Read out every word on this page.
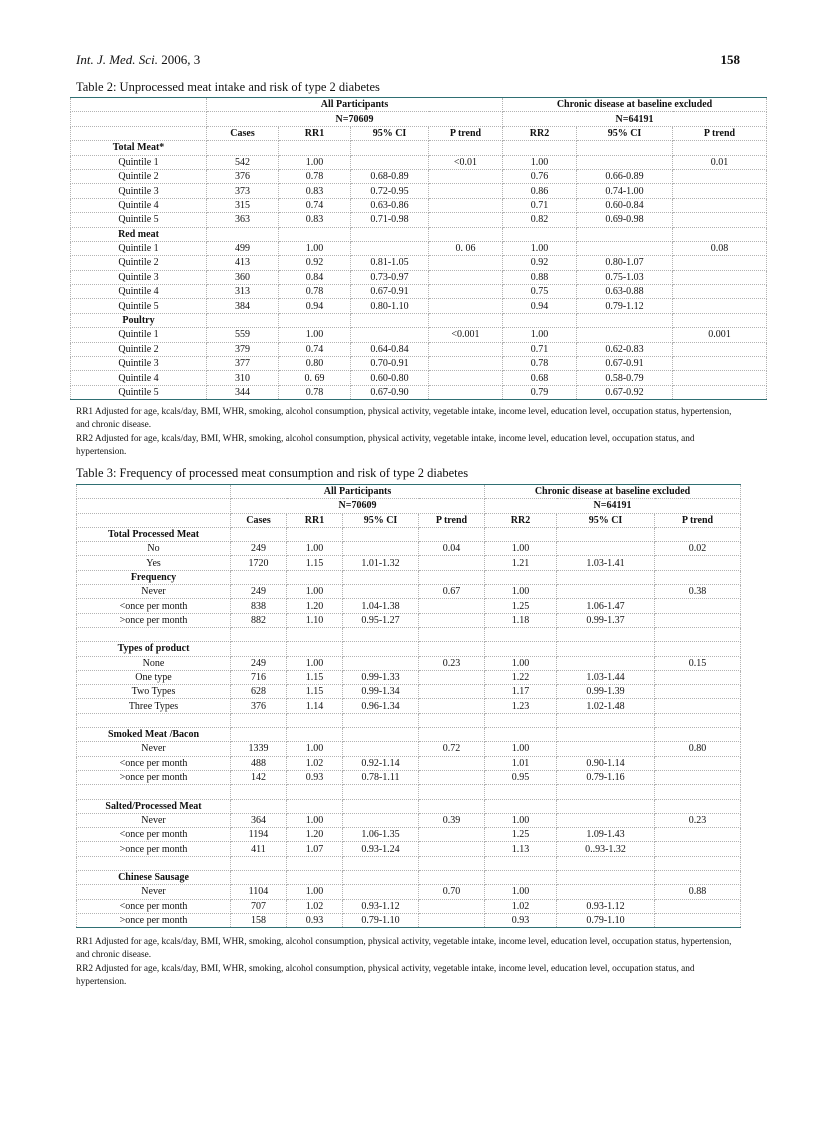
Int. J. Med. Sci. 2006, 3	158
Table 2: Unprocessed meat intake and risk of type 2 diabetes
	All Participants				Chronic disease at baseline excluded		
	N=70609				N=64191		
	Cases	RR1	95% CI	P trend	RR2	95% CI	P trend
Total Meat*							
Quintile 1	542	1.00		<0.01	1.00		0.01
Quintile 2	376	0.78	0.68-0.89		0.76	0.66-0.89	
Quintile 3	373	0.83	0.72-0.95		0.86	0.74-1.00	
Quintile 4	315	0.74	0.63-0.86		0.71	0.60-0.84	
Quintile 5	363	0.83	0.71-0.98		0.82	0.69-0.98	
Red meat							
Quintile 1	499	1.00		0. 06	1.00		0.08
Quintile 2	413	0.92	0.81-1.05		0.92	0.80-1.07	
Quintile 3	360	0.84	0.73-0.97		0.88	0.75-1.03	
Quintile 4	313	0.78	0.67-0.91		0.75	0.63-0.88	
Quintile 5	384	0.94	0.80-1.10		0.94	0.79-1.12	
Poultry							
Quintile 1	559	1.00		<0.001	1.00		0.001
Quintile 2	379	0.74	0.64-0.84		0.71	0.62-0.83	
Quintile 3	377	0.80	0.70-0.91		0.78	0.67-0.91	
Quintile 4	310	0. 69	0.60-0.80		0.68	0.58-0.79	
Quintile 5	344	0.78	0.67-0.90		0.79	0.67-0.92	
RR1 Adjusted for age, kcals/day, BMI, WHR, smoking, alcohol consumption, physical activity, vegetable intake, income level, education level, occupation status, hypertension, and chronic disease.
RR2 Adjusted for age, kcals/day, BMI, WHR, smoking, alcohol consumption, physical activity, vegetable intake, income level, education level, occupation status, and hypertension.
Table 3: Frequency of processed meat consumption and risk of type 2 diabetes
	All Participants				Chronic disease at baseline excluded		
	N=70609				N=64191		
	Cases	RR1	95% CI	P trend	RR2	95% CI	P trend
Total Processed Meat							
No	249	1.00		0.04	1.00		0.02
Yes	1720	1.15	1.01-1.32		1.21	1.03-1.41	
Frequency							
Never	249	1.00		0.67	1.00		0.38
<once per month	838	1.20	1.04-1.38		1.25	1.06-1.47	
>once per month	882	1.10	0.95-1.27		1.18	0.99-1.37	

Types of product							
None	249	1.00		0.23	1.00		0.15
One type	716	1.15	0.99-1.33		1.22	1.03-1.44	
Two Types	628	1.15	0.99-1.34		1.17	0.99-1.39	
Three Types	376	1.14	0.96-1.34		1.23	1.02-1.48	

Smoked Meat /Bacon							
Never	1339	1.00		0.72	1.00		0.80
<once per month	488	1.02	0.92-1.14		1.01	0.90-1.14	
>once per month	142	0.93	0.78-1.11		0.95	0.79-1.16	

Salted/Processed Meat							
Never	364	1.00		0.39	1.00		0.23
<once per month	1194	1.20	1.06-1.35		1.25	1.09-1.43	
>once per month	411	1.07	0.93-1.24		1.13	0..93-1.32	

Chinese Sausage							
Never	1104	1.00		0.70	1.00		0.88
<once per month	707	1.02	0.93-1.12		1.02	0.93-1.12	
>once per month	158	0.93	0.79-1.10		0.93	0.79-1.10	
RR1 Adjusted for age, kcals/day, BMI, WHR, smoking, alcohol consumption, physical activity, vegetable intake, income level, education level, occupation status, hypertension, and chronic disease.
RR2 Adjusted for age, kcals/day, BMI, WHR, smoking, alcohol consumption, physical activity, vegetable intake, income level, education level, occupation status, and hypertension.
